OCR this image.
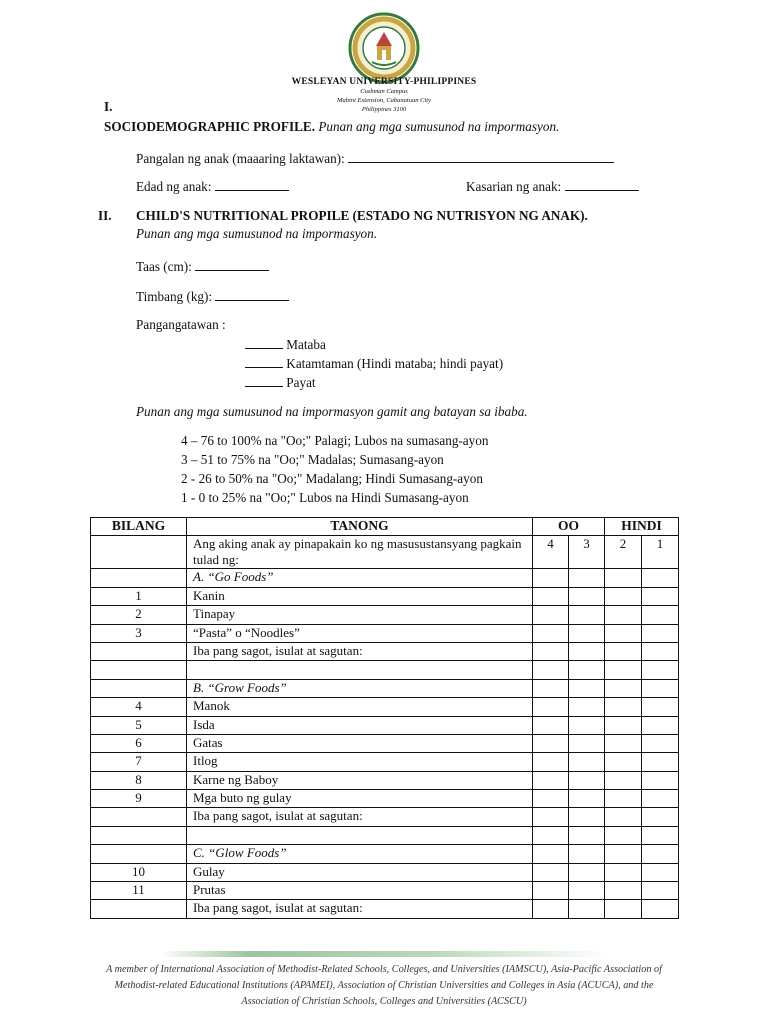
WESLEYAN UNIVERSITY-PHILIPPINES
Cushman Campus
Mabini Extension, Cabanatuan City
Philippines 3100
I.
SOCIODEMOGRAPHIC PROFILE. Punan ang mga sumusunod na impormasyon.
Pangalan ng anak (maaaring laktawan):
Edad ng anak:	Kasarian ng anak:
II. CHILD'S NUTRITIONAL PROPILE (ESTADO NG NUTRISYON NG ANAK).
Punan ang mga sumusunod na impormasyon.
Taas (cm):
Timbang (kg):
Pangangatawan :
Mataba
Katamtaman (Hindi mataba; hindi payat)
Payat
Punan ang mga sumusunod na impormasyon gamit ang batayan sa ibaba.
4 – 76 to 100% na "Oo;" Palagi; Lubos na sumasang-ayon
3 – 51 to 75% na "Oo;" Madalas; Sumasang-ayon
2 - 26 to 50% na "Oo;" Madalang; Hindi Sumasang-ayon
1 - 0 to 25% na "Oo;" Lubos na Hindi Sumasang-ayon
BILANG	TANONG	OO		HINDI	
	Ang aking anak ay pinapakain ko ng masusustansyang pagkain tulad ng:	4	3	2	1
	A. “Go Foods”				
1	Kanin				
2	Tinapay				
3	“Pasta” o “Noodles”				
	Iba pang sagot, isulat at sagutan:				

	B. “Grow Foods”				
4	Manok				
5	Isda				
6	Gatas				
7	Itlog				
8	Karne ng Baboy				
9	Mga buto ng gulay				
	Iba pang sagot, isulat at sagutan:				

	C. “Glow Foods”				
10	Gulay				
11	Prutas				
	Iba pang sagot, isulat at sagutan:				
A member of International Association of Methodist-Related Schools, Colleges, and Universities (IAMSCU), Asia-Pacific Association of Methodist-related Educational Institutions (APAMEI), Association of Christian Universities and Colleges in Asia (ACUCA), and the Association of Christian Schools, Colleges and Universities (ACSCU)
